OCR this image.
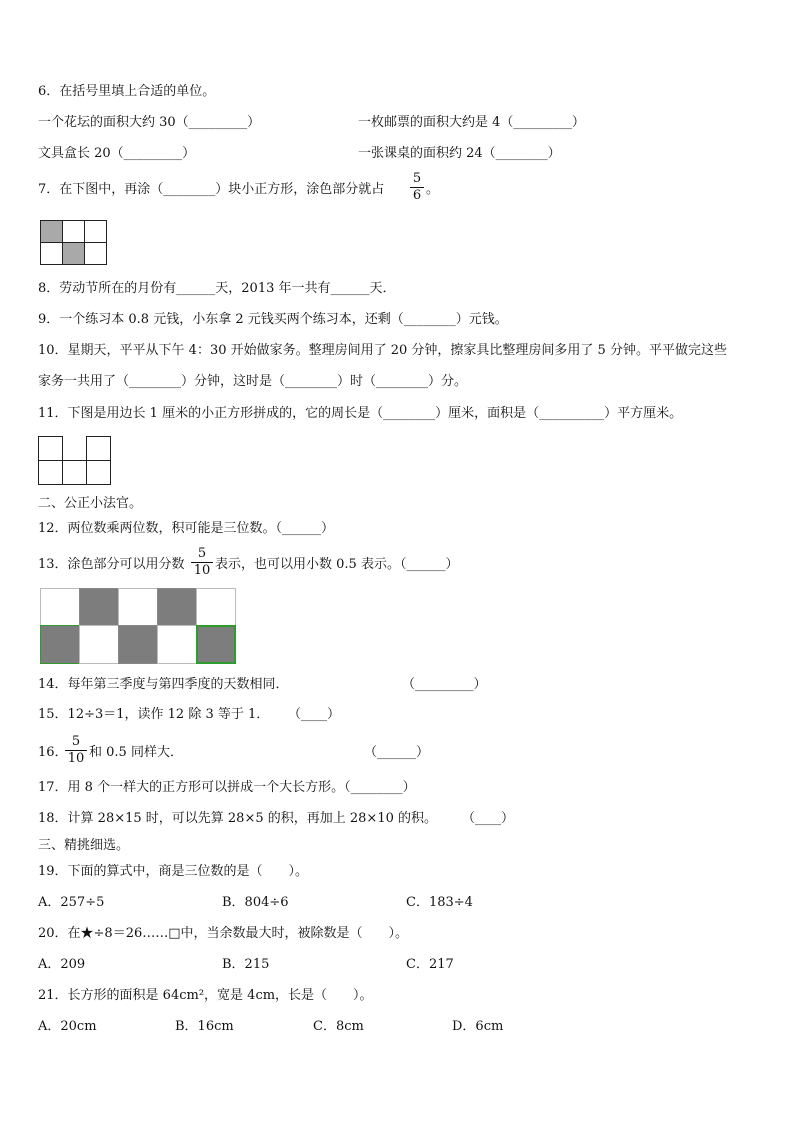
6．在括号里填上合适的单位。
一个花坛的面积大约 30（_________）	一枚邮票的面积大约是 4（_________）
文具盒长 20（_________）	一张课桌的面积约 24（________）
7．在下图中，再涂（________）块小正方形，涂色部分就占
5
6 。
8．劳动节所在的月份有______天，2013 年一共有______天．
9．一个练习本 0.8 元钱，小东拿 2 元钱买两个练习本，还剩（________）元钱。
10．星期天，平平从下午 4：30 开始做家务。整理房间用了 20 分钟，擦家具比整理房间多用了 5 分钟。平平做完这些
家务一共用了（________）分钟，这时是（________）时（________）分。
11．下图是用边长 1 厘米的小正方形拼成的，它的周长是（________）厘米，面积是（__________）平方厘米。
二、公正小法官。
12．两位数乘两位数，积可能是三位数。（______）
13．涂色部分可以用分数
5
10 表示，也可以用小数 0.5 表示。（______）
14．每年第三季度与第四季度的天数相同．	（_________）
15．12÷3＝1，读作 12 除 3 等于 1． （____）
16．
5
10 和 0.5 同样大．	（______）
17．用 8 个一样大的正方形可以拼成一个大长方形。（________）
18．计算 28×15 时，可以先算 28×5 的积，再加上 28×10 的积。 （____）
三、精挑细选。
19．下面的算式中，商是三位数的是（　　）。
A．257÷5	B．804÷6	C．183÷4
20．在★÷8＝26……□中，当余数最大时，被除数是（　　）。
A．209	B．215	C．217
21．长方形的面积是 64cm²，宽是 4cm，长是（　　）。
A．20cm	B．16cm	C．8cm	D．6cm
